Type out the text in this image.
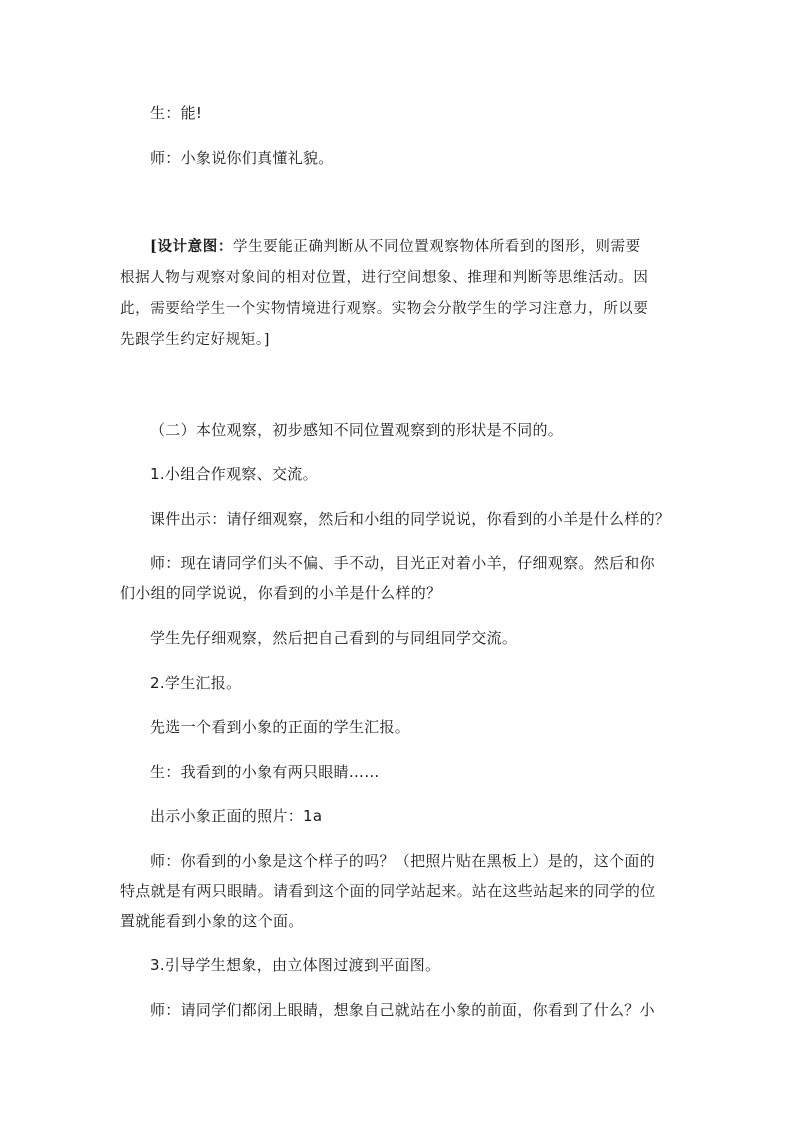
生：能!
师：小象说你们真懂礼貌。
[设计意图：学生要能正确判断从不同位置观察物体所看到的图形，则需要
根据人物与观察对象间的相对位置，进行空间想象、推理和判断等思维活动。因
此，需要给学生一个实物情境进行观察。实物会分散学生的学习注意力，所以要
先跟学生约定好规矩。]
（二）本位观察，初步感知不同位置观察到的形状是不同的。
1.小组合作观察、交流。
课件出示：请仔细观察，然后和小组的同学说说，你看到的小羊是什么样的？
师：现在请同学们头不偏、手不动，目光正对着小羊，仔细观察。然后和你
们小组的同学说说，你看到的小羊是什么样的？
学生先仔细观察，然后把自己看到的与同组同学交流。
2.学生汇报。
先选一个看到小象的正面的学生汇报。
生：我看到的小象有两只眼睛……
出示小象正面的照片：1a
师：你看到的小象是这个样子的吗？（把照片贴在黑板上）是的，这个面的
特点就是有两只眼睛。请看到这个面的同学站起来。站在这些站起来的同学的位
置就能看到小象的这个面。
3.引导学生想象，由立体图过渡到平面图。
师：请同学们都闭上眼睛，想象自己就站在小象的前面，你看到了什么？小
